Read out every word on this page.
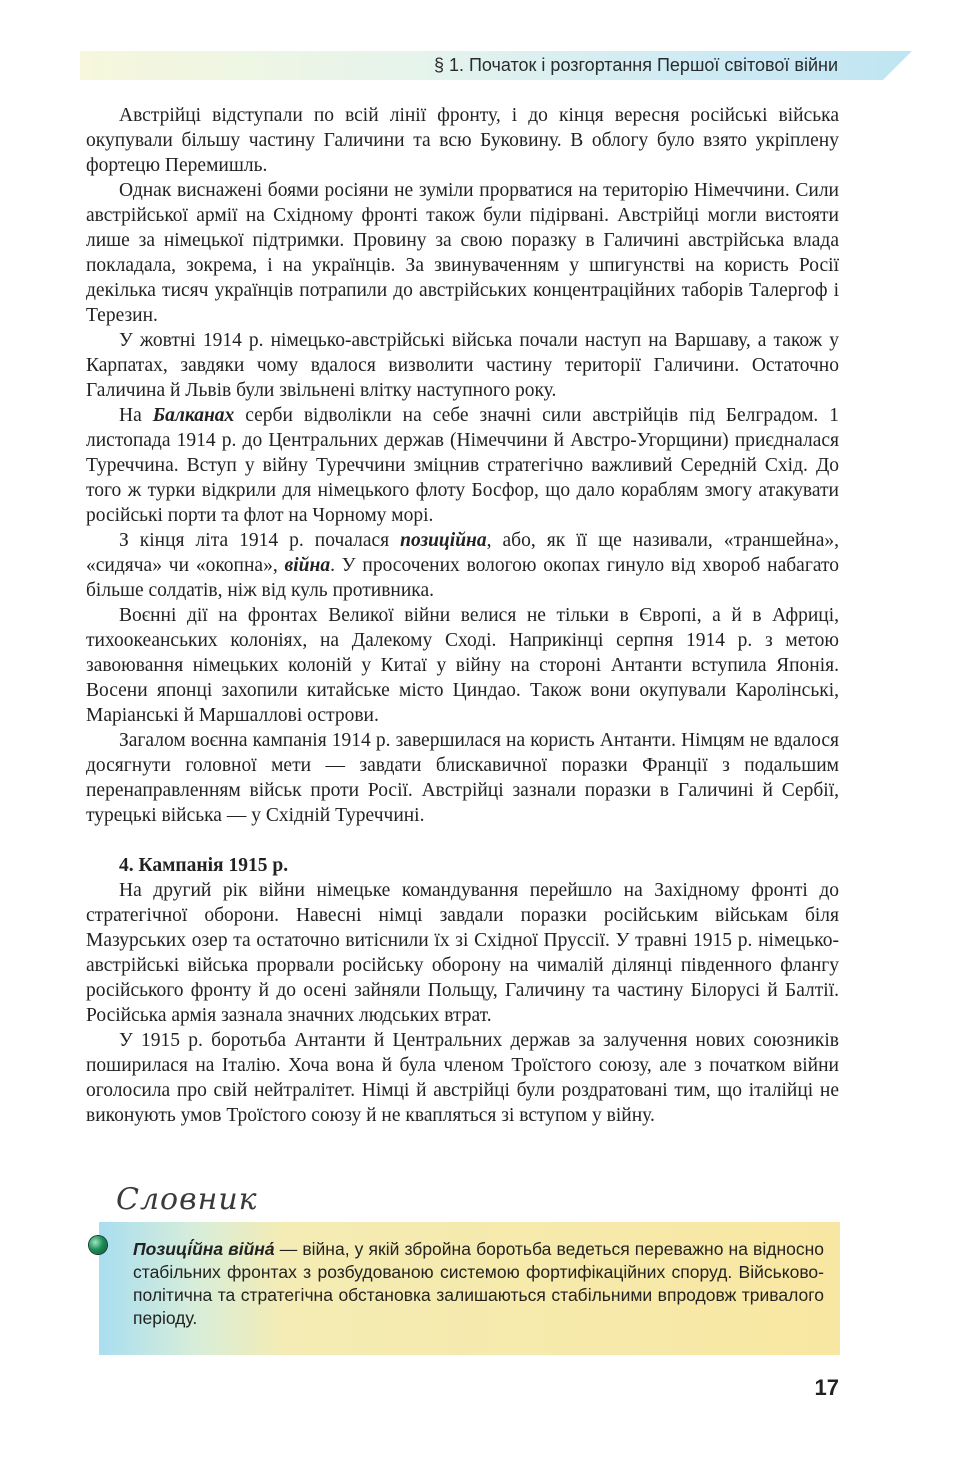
§ 1. Початок і розгортання Першої світової війни

Австрійці відступали по всій лінії фронту, і до кінця вересня російські війська окупували більшу частину Галичини та всю Буковину. В облогу було взято укріплену фортецю Перемишль.

Однак виснажені боями росіяни не зуміли прорватися на територію Німеччини. Сили австрійської армії на Східному фронті також були підірвані. Австрійці могли вистояти лише за німецької підтримки. Провину за свою поразку в Галичині австрійська влада покладала, зокрема, і на українців. За звинуваченням у шпигунстві на користь Росії декілька тисяч українців потрапили до австрійських концентраційних таборів Талергоф і Терезин.

У жовтні 1914 р. німецько-австрійські війська почали наступ на Варшаву, а також у Карпатах, завдяки чому вдалося визволити частину території Галичини. Остаточно Галичина й Львів були звільнені влітку наступного року.

На Балканах серби відволікли на себе значні сили австрійців під Белградом. 1 листопада 1914 р. до Центральних держав (Німеччини й Австро-Угорщини) приєдналася Туреччина. Вступ у війну Туреччини зміцнив стратегічно важливий Середній Схід. До того ж турки відкрили для німецького флоту Босфор, що дало кораблям змогу атакувати російські порти та флот на Чорному морі.

З кінця літа 1914 р. почалася позиційна, або, як її ще називали, «траншейна», «сидяча» чи «окопна», війна. У просочених вологою окопах гинуло від хвороб набагато більше солдатів, ніж від куль противника.

Воєнні дії на фронтах Великої війни велися не тільки в Європі, а й в Африці, тихоокеанських колоніях, на Далекому Сході. Наприкінці серпня 1914 р. з метою завоювання німецьких колоній у Китаї у війну на стороні Антанти вступила Японія. Восени японці захопили китайське місто Циндао. Також вони окупували Каролінські, Маріанські й Маршаллові острови.

Загалом воєнна кампанія 1914 р. завершилася на користь Антанти. Німцям не вдалося досягнути головної мети — завдати блискавичної поразки Франції з подальшим перенаправленням військ проти Росії. Австрійці зазнали поразки в Галичині й Сербії, турецькі війська — у Східній Туреччині.

4. Кампанія 1915 р.

На другий рік війни німецьке командування перейшло на Західному фронті до стратегічної оборони. Навесні німці завдали поразки російським військам біля Мазурських озер та остаточно витіснили їх зі Східної Пруссії. У травні 1915 р. німецько-австрійські війська прорвали російську оборону на чималій ділянці південного флангу російського фронту й до осені зайняли Польщу, Галичину та частину Білорусі й Балтії. Російська армія зазнала значних людських втрат.

У 1915 р. боротьба Антанти й Центральних держав за залучення нових союзників поширилася на Італію. Хоча вона й була членом Троїстого союзу, але з початком війни оголосила про свій нейтралітет. Німці й австрійці були роздратовані тим, що італійці не виконують умов Троїстого союзу й не квапляться зі вступом у війну.

Словник

Позиці́йна війна́ — війна, у якій збройна боротьба ведеться переважно на відносно стабільних фронтах з розбудованою системою фортифікаційних споруд. Військово-політична та стратегічна обстановка залишаються стабільними впродовж тривалого періоду.

17
